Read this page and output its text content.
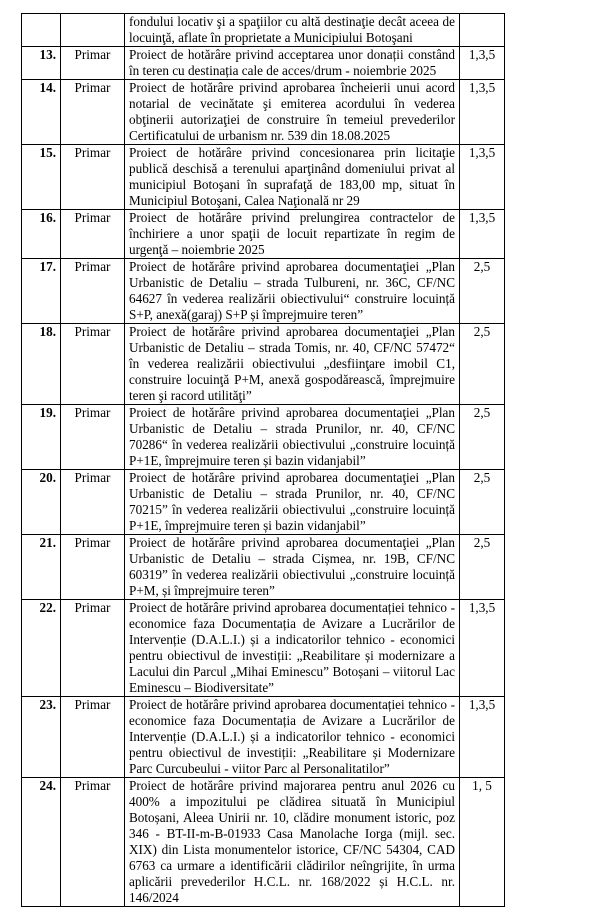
		fondului locativ şi a spaţiilor cu altă destinaţie decât aceea de locuinţă, aflate în proprietate a Municipiului Botoşani	
13.	Primar	Proiect de hotărâre privind acceptarea unor donații constând în teren cu destinația cale de acces/drum - noiembrie 2025	1,3,5
14.	Primar	Proiect de hotărâre privind aprobarea încheierii unui acord notarial de vecinătate şi emiterea acordului în vederea obţinerii autorizaţiei de construire în temeiul prevederilor Certificatului de urbanism nr. 539 din 18.08.2025	1,3,5
15.	Primar	Proiect de hotărâre privind concesionarea prin licitaţie publică deschisă a terenului aparţinând domeniului privat al municipiul Botoşani în suprafaţă de 183,00 mp, situat în Municipiul Botoşani, Calea Naţională nr 29	1,3,5
16.	Primar	Proiect de hotărâre privind prelungirea contractelor de închiriere a unor spaţii de locuit repartizate în regim de urgenţă – noiembrie 2025	1,3,5
17.	Primar	Proiect de hotărâre privind aprobarea documentaţiei „Plan Urbanistic de Detaliu – strada Tulbureni, nr. 36C, CF/NC 64627 în vederea realizării obiectivului“ construire locuință S+P, anexă(garaj) S+P și împrejmuire teren”	2,5
18.	Primar	Proiect de hotărâre privind aprobarea documentaţiei „Plan Urbanistic de Detaliu – strada Tomis, nr. 40, CF/NC 57472“ în vederea realizării obiectivului „desfiinţare imobil C1, construire locuinţă P+M, anexă gospodărească, împrejmuire teren şi racord utilităţi”	2,5
19.	Primar	Proiect de hotărâre privind aprobarea documentaţiei „Plan Urbanistic de Detaliu – strada Prunilor, nr. 40, CF/NC 70286“ în vederea realizării obiectivului „construire locuință P+1E, împrejmuire teren și bazin vidanjabil”	2,5
20.	Primar	Proiect de hotărâre privind aprobarea documentaţiei „Plan Urbanistic de Detaliu – strada Prunilor, nr. 40, CF/NC 70215” în vederea realizării obiectivului „construire locuință P+1E, împrejmuire teren și bazin vidanjabil”	2,5
21.	Primar	Proiect de hotărâre privind aprobarea documentaţiei „Plan Urbanistic de Detaliu – strada Cișmea, nr. 19B, CF/NC 60319” în vederea realizării obiectivului „construire locuință P+M, și împrejmuire teren”	2,5
22.	Primar	Proiect de hotărâre privind aprobarea documentației tehnico - economice faza Documentația de Avizare a Lucrărilor de Intervenție (D.A.L.I.) și a indicatorilor tehnico - economici pentru obiectivul de investiții: „Reabilitare și modernizare a Lacului din Parcul „Mihai Eminescu” Botoșani – viitorul Lac Eminescu – Biodiversitate”	1,3,5
23.	Primar	Proiect de hotărâre privind aprobarea documentației tehnico - economice faza Documentația de Avizare a Lucrărilor de Intervenție (D.A.L.I.) și a indicatorilor tehnico - economici pentru obiectivul de investiții: „Reabilitare și Modernizare Parc Curcubeului - viitor Parc al Personalitatilor”	1,3,5
24.	Primar	Proiect de hotărâre privind majorarea pentru anul 2026 cu 400% a impozitului pe clădirea situată în Municipiul Botoșani, Aleea Unirii nr. 10, clădire monument istoric, poz 346 - BT-II-m-B-01933 Casa Manolache Iorga (mijl. sec. XIX) din Lista monumentelor istorice, CF/NC 54304, CAD 6763 ca urmare a identificării clădirilor neîngrijite, în urma aplicării prevederilor H.C.L. nr. 168/2022 și H.C.L. nr. 146/2024	1, 5
